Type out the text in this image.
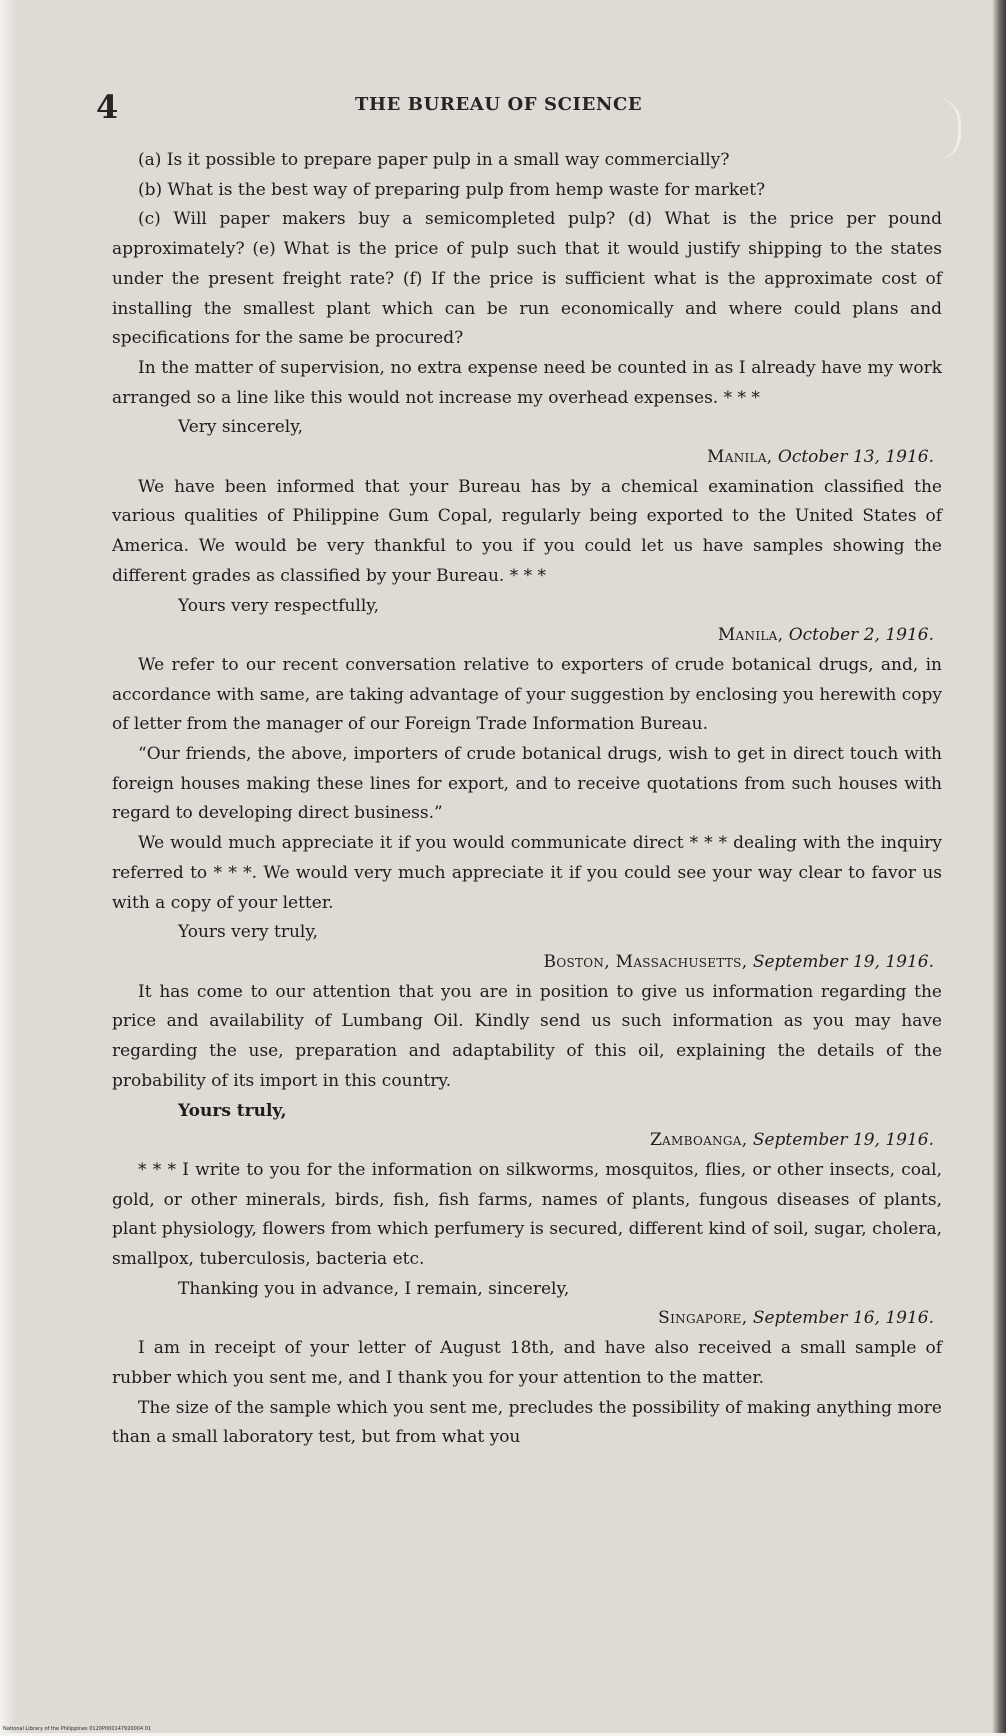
4	THE BUREAU OF SCIENCE

(a) Is it possible to prepare paper pulp in a small way commercially?

(b) What is the best way of preparing pulp from hemp waste for market?

(c) Will paper makers buy a semicompleted pulp? (d) What is the price per pound approximately? (e) What is the price of pulp such that it would justify shipping to the states under the present freight rate? (f) If the price is sufficient what is the approximate cost of installing the smallest plant which can be run economically and where could plans and specifications for the same be procured?

In the matter of supervision, no extra expense need be counted in as I already have my work arranged so a line like this would not increase my overhead expenses. * * *

Very sincerely,

Manila, October 13, 1916.

We have been informed that your Bureau has by a chemical examination classified the various qualities of Philippine Gum Copal, regularly being exported to the United States of America. We would be very thankful to you if you could let us have samples showing the different grades as classified by your Bureau. * * *

Yours very respectfully,

Manila, October 2, 1916.

We refer to our recent conversation relative to exporters of crude botanical drugs, and, in accordance with same, are taking advantage of your suggestion by enclosing you herewith copy of letter from the manager of our Foreign Trade Information Bureau.

“Our friends, the above, importers of crude botanical drugs, wish to get in direct touch with foreign houses making these lines for export, and to receive quotations from such houses with regard to developing direct business.”

We would much appreciate it if you would communicate direct * * * dealing with the inquiry referred to * * *. We would very much appreciate it if you could see your way clear to favor us with a copy of your letter.

Yours very truly,

Boston, Massachusetts, September 19, 1916.

It has come to our attention that you are in position to give us information regarding the price and availability of Lumbang Oil. Kindly send us such information as you may have regarding the use, preparation and adaptability of this oil, explaining the details of the probability of its import in this country.

Yours truly,

Zamboanga, September 19, 1916.

* * * I write to you for the information on silkworms, mosquitos, flies, or other insects, coal, gold, or other minerals, birds, fish, fish farms, names of plants, fungous diseases of plants, plant physiology, flowers from which perfumery is secured, different kind of soil, sugar, cholera, smallpox, tuberculosis, bacteria etc.

Thanking you in advance, I remain, sincerely,

Singapore, September 16, 1916.

I am in receipt of your letter of August 18th, and have also received a small sample of rubber which you sent me, and I thank you for your attention to the matter.

The size of the sample which you sent me, precludes the possibility of making anything more than a small laboratory test, but from what you

National Library of the Philippines 0120P000147920004 01
